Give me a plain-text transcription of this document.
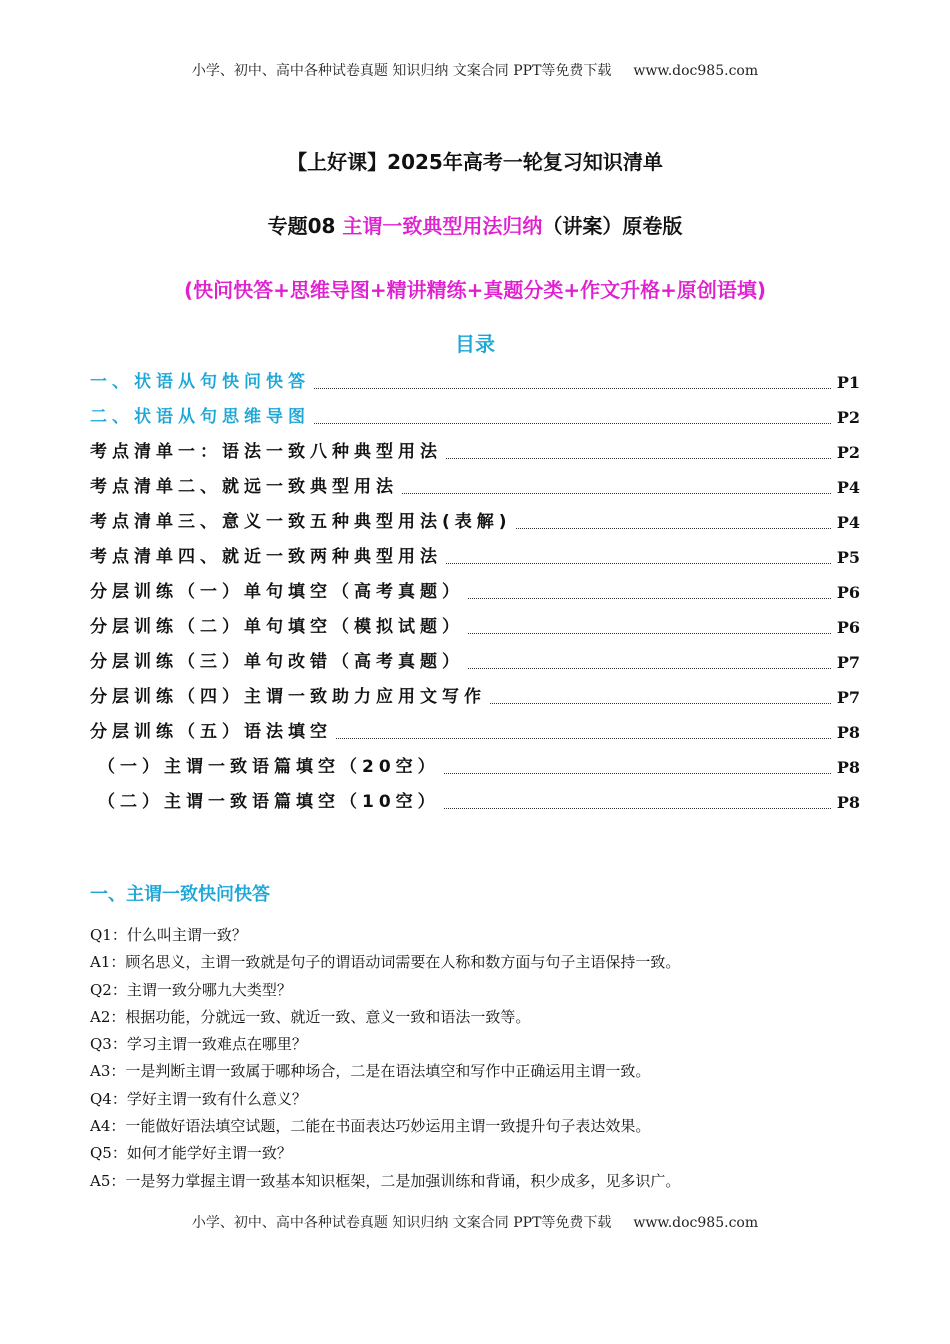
小学、初中、高中各种试卷真题 知识归纳 文案合同 PPT等免费下载 www.doc985.com
【上好课】2025年高考一轮复习知识清单
专题08 主谓一致典型用法归纳（讲案）原卷版
(快问快答+思维导图+精讲精练+真题分类+作文升格+原创语填)
目录
一、状语从句快问快答	P1
二、状语从句思维导图	P2
考点清单一：语法一致八种典型用法	P2
考点清单二、就远一致典型用法	P4
考点清单三、意义一致五种典型用法(表解)	P4
考点清单四、就近一致两种典型用法	P5
分层训练（一）单句填空（高考真题）	P6
分层训练（二）单句填空（模拟试题）	P6
分层训练（三）单句改错（高考真题）	P7
分层训练（四）主谓一致助力应用文写作	P7
分层训练（五）语法填空	P8
（一）主谓一致语篇填空（20空）	P8
（二）主谓一致语篇填空（10空）	P8
一、主谓一致快问快答
Q1：什么叫主谓一致？
A1：顾名思义，主谓一致就是句子的谓语动词需要在人称和数方面与句子主语保持一致。
Q2：主谓一致分哪九大类型？
A2：根据功能，分就远一致、就近一致、意义一致和语法一致等。
Q3：学习主谓一致难点在哪里？
A3：一是判断主谓一致属于哪种场合，二是在语法填空和写作中正确运用主谓一致。
Q4：学好主谓一致有什么意义？
A4：一能做好语法填空试题，二能在书面表达巧妙运用主谓一致提升句子表达效果。
Q5：如何才能学好主谓一致？
A5：一是努力掌握主谓一致基本知识框架，二是加强训练和背诵，积少成多，见多识广。
小学、初中、高中各种试卷真题 知识归纳 文案合同 PPT等免费下载 www.doc985.com
